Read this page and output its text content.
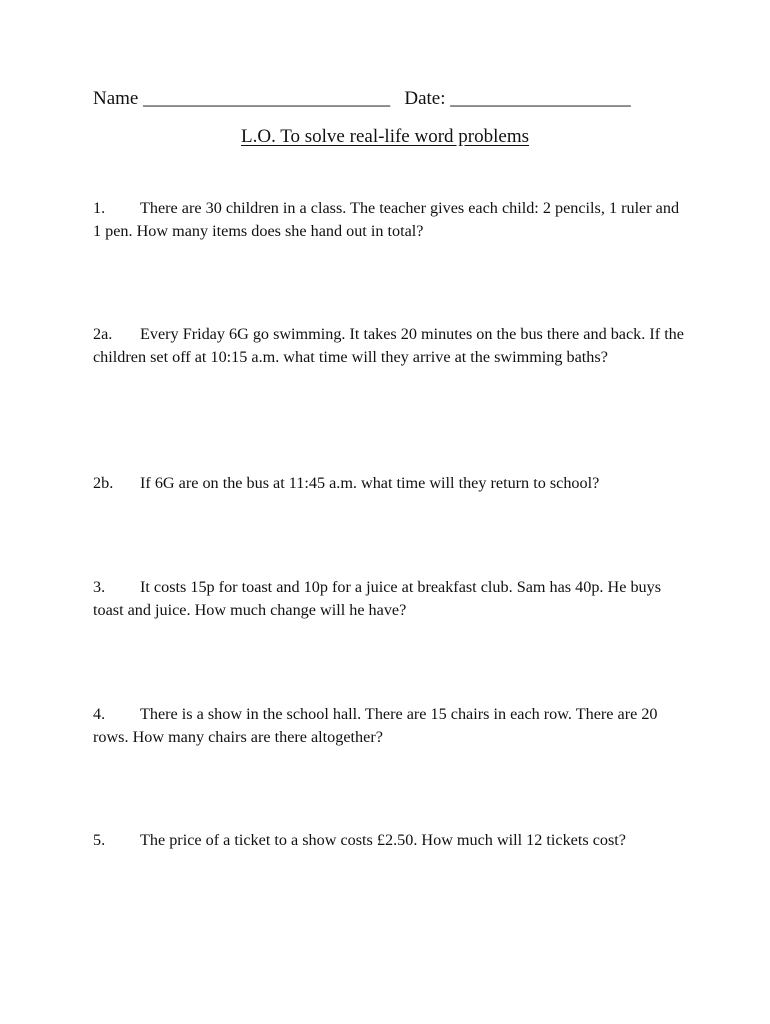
Name __________________________ Date: ___________________
L.O. To solve real-life word problems
1. There are 30 children in a class. The teacher gives each child: 2 pencils, 1 ruler and 1 pen. How many items does she hand out in total?
2a. Every Friday 6G go swimming. It takes 20 minutes on the bus there and back. If the children set off at 10:15 a.m. what time will they arrive at the swimming baths?
2b. If 6G are on the bus at 11:45 a.m. what time will they return to school?
3. It costs 15p for toast and 10p for a juice at breakfast club. Sam has 40p. He buys toast and juice. How much change will he have?
4. There is a show in the school hall. There are 15 chairs in each row. There are 20 rows. How many chairs are there altogether?
5. The price of a ticket to a show costs £2.50. How much will 12 tickets cost?
